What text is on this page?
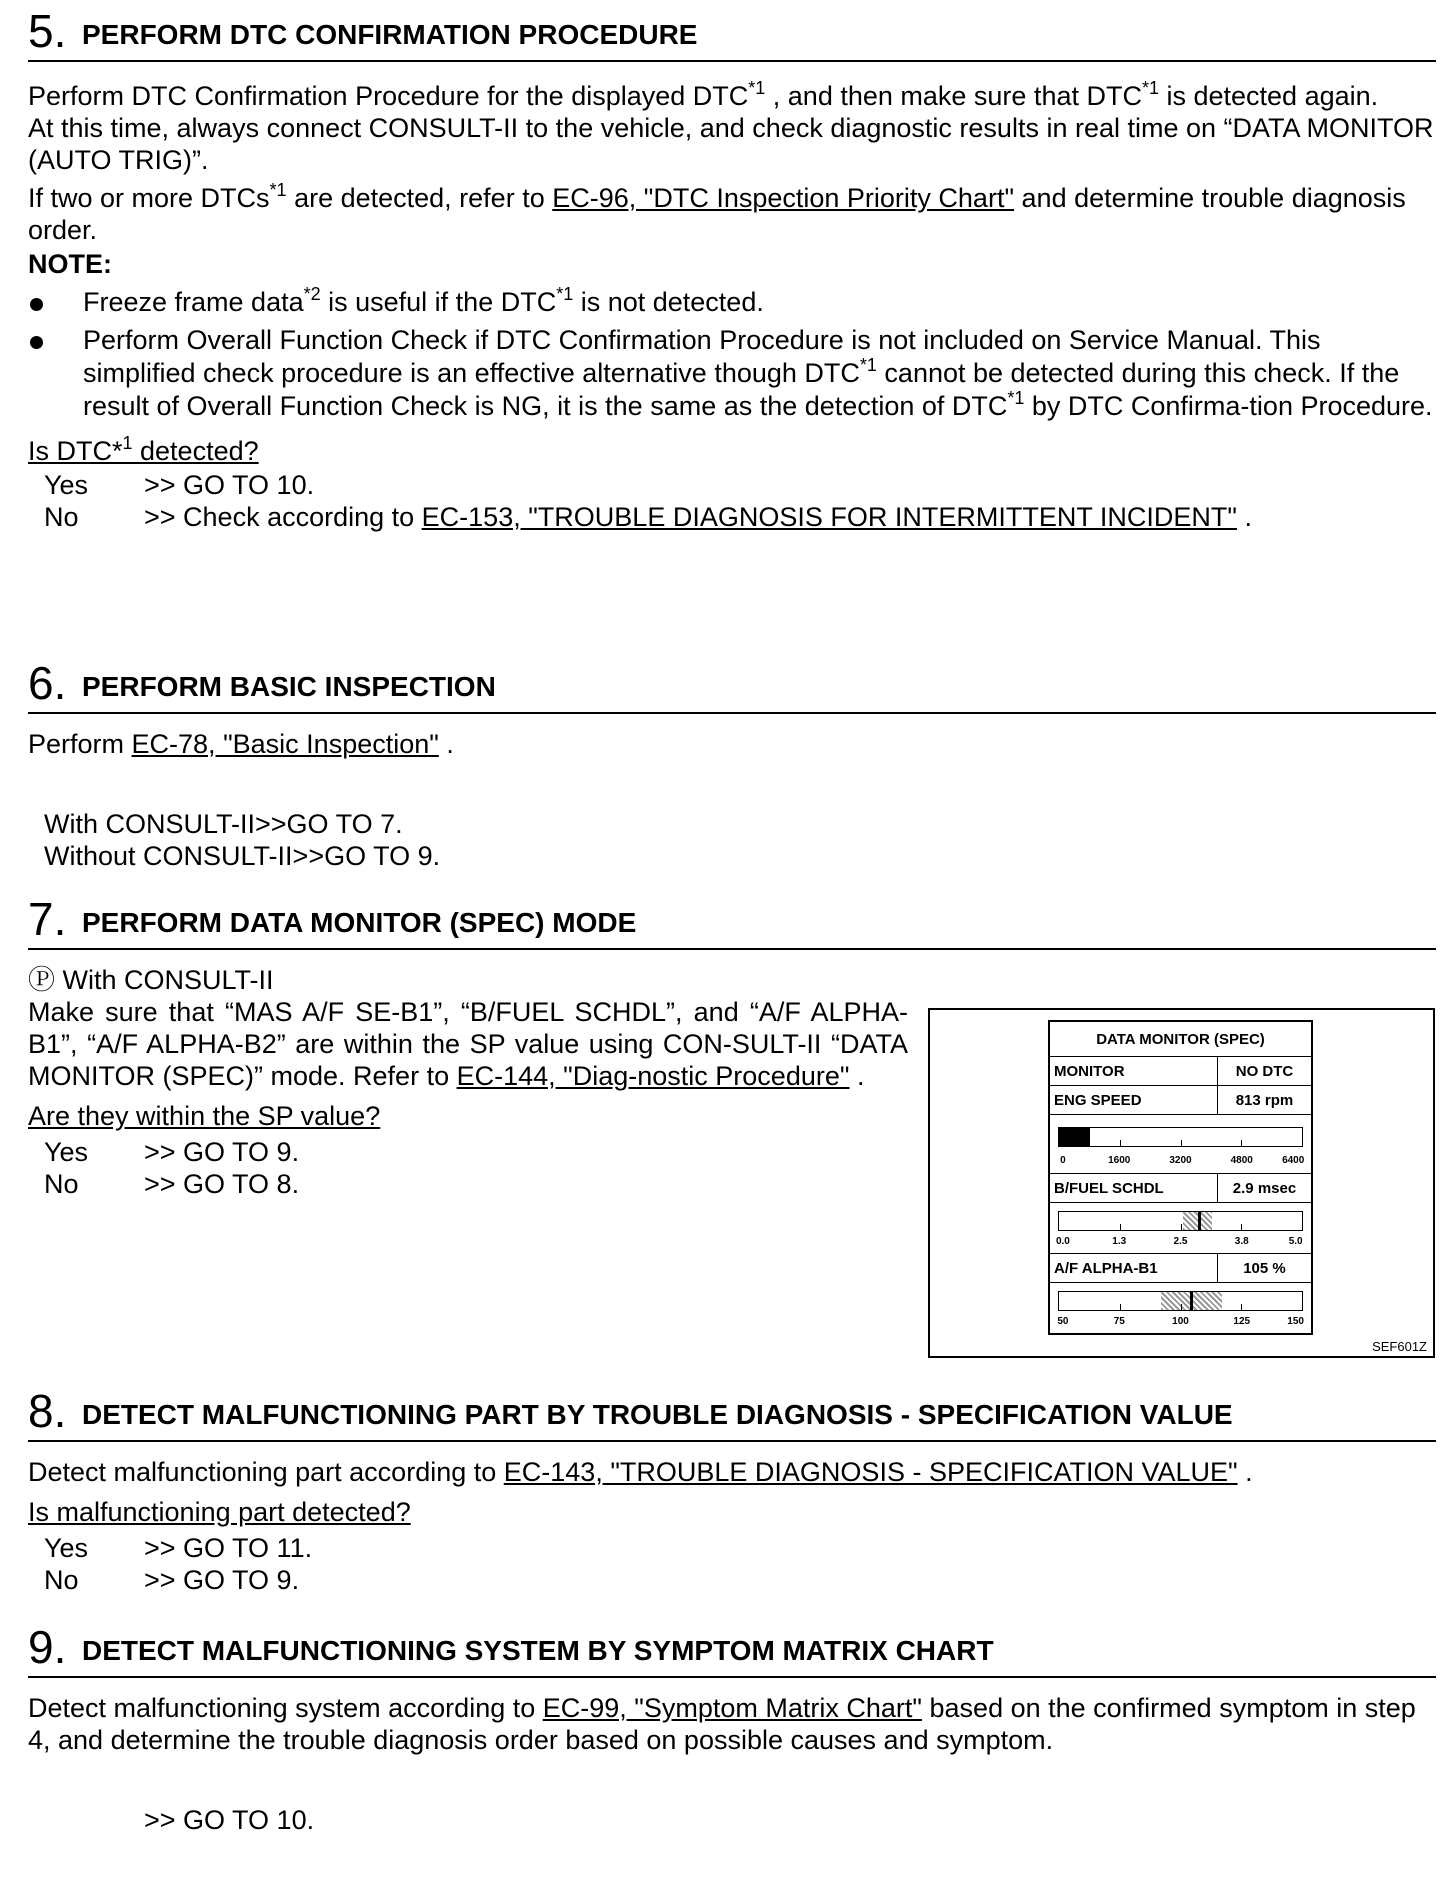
5. PERFORM DTC CONFIRMATION PROCEDURE

Perform DTC Confirmation Procedure for the displayed DTC$^{*1}$ , and then make sure that DTC$^{*1}$ is detected again.

At this time, always connect CONSULT-II to the vehicle, and check diagnostic results in real time on “DATA MONITOR (AUTO TRIG)”.

If two or more DTCs$^{*1}$ are detected, refer to EC-96, "DTC Inspection Priority Chart" and determine trouble diagnosis order.

NOTE:

Freeze frame data$^{*2}$ is useful if the DTC$^{*1}$ is not detected.
Perform Overall Function Check if DTC Confirmation Procedure is not included on Service Manual. This simplified check procedure is an effective alternative though DTC$^{*1}$ cannot be detected during this check. If the result of Overall Function Check is NG, it is the same as the detection of DTC$^{*1}$ by DTC Confirma-tion Procedure.

Is DTC*$^1$ detected?

Yes	>> GO TO 10.
No	>> Check according to EC-153, "TROUBLE DIAGNOSIS FOR INTERMITTENT INCIDENT" .
6. PERFORM BASIC INSPECTION

Perform EC-78, "Basic Inspection" .

With CONSULT-II>>GO TO 7.

Without CONSULT-II>>GO TO 9.

7. PERFORM DATA MONITOR (SPEC) MODE

Ⓟ With CONSULT-II

Make sure that “MAS A/F SE-B1”, “B/FUEL SCHDL”, and “A/F ALPHA-B1”, “A/F ALPHA-B2” are within the SP value using CON-SULT-II “DATA MONITOR (SPEC)” mode. Refer to EC-144, "Diag-nostic Procedure" .

Are they within the SP value?

Yes	>> GO TO 9.
No	>> GO TO 8.
DATA MONITOR (SPEC)
MONITOR	NO DTC
ENG SPEED	813 rpm
0	1600	3200	4800	6400
B/FUEL SCHDL	2.9 msec
0.0	1.3	2.5	3.8	5.0
A/F ALPHA-B1	105 %
50	75	100	125	150
SEF601Z
8. DETECT MALFUNCTIONING PART BY TROUBLE DIAGNOSIS - SPECIFICATION VALUE

Detect malfunctioning part according to EC-143, "TROUBLE DIAGNOSIS - SPECIFICATION VALUE" .

Is malfunctioning part detected?

Yes	>> GO TO 11.
No	>> GO TO 9.
9. DETECT MALFUNCTIONING SYSTEM BY SYMPTOM MATRIX CHART

Detect malfunctioning system according to EC-99, "Symptom Matrix Chart" based on the confirmed symptom in step 4, and determine the trouble diagnosis order based on possible causes and symptom.

>> GO TO 10.
